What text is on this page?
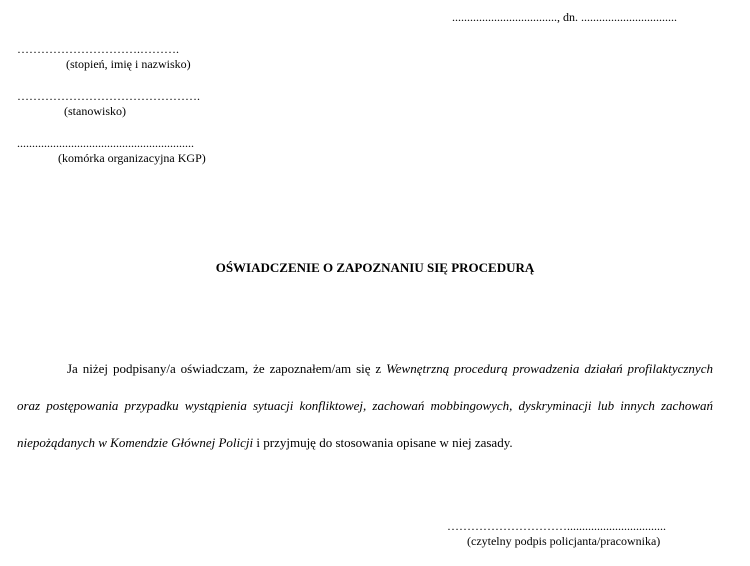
..................................., dn. ................................
………………………….……….
(stopień, imię i nazwisko)
……………………………………….
(stanowisko)
...........................................................
(komórka organizacyjna KGP)
OŚWIADCZENIE O ZAPOZNANIU SIĘ PROCEDURĄ
Ja niżej podpisany/a oświadczam, że zapoznałem/am się z Wewnętrzną procedurą prowadzenia działań profilaktycznych oraz postępowania przypadku wystąpienia sytuacji konfliktowej, zachowań mobbingowych, dyskryminacji lub innych zachowań niepożądanych w Komendzie Głównej Policji i przyjmuję do stosowania opisane w niej zasady.
………………………….................................
(czytelny podpis policjanta/pracownika)
